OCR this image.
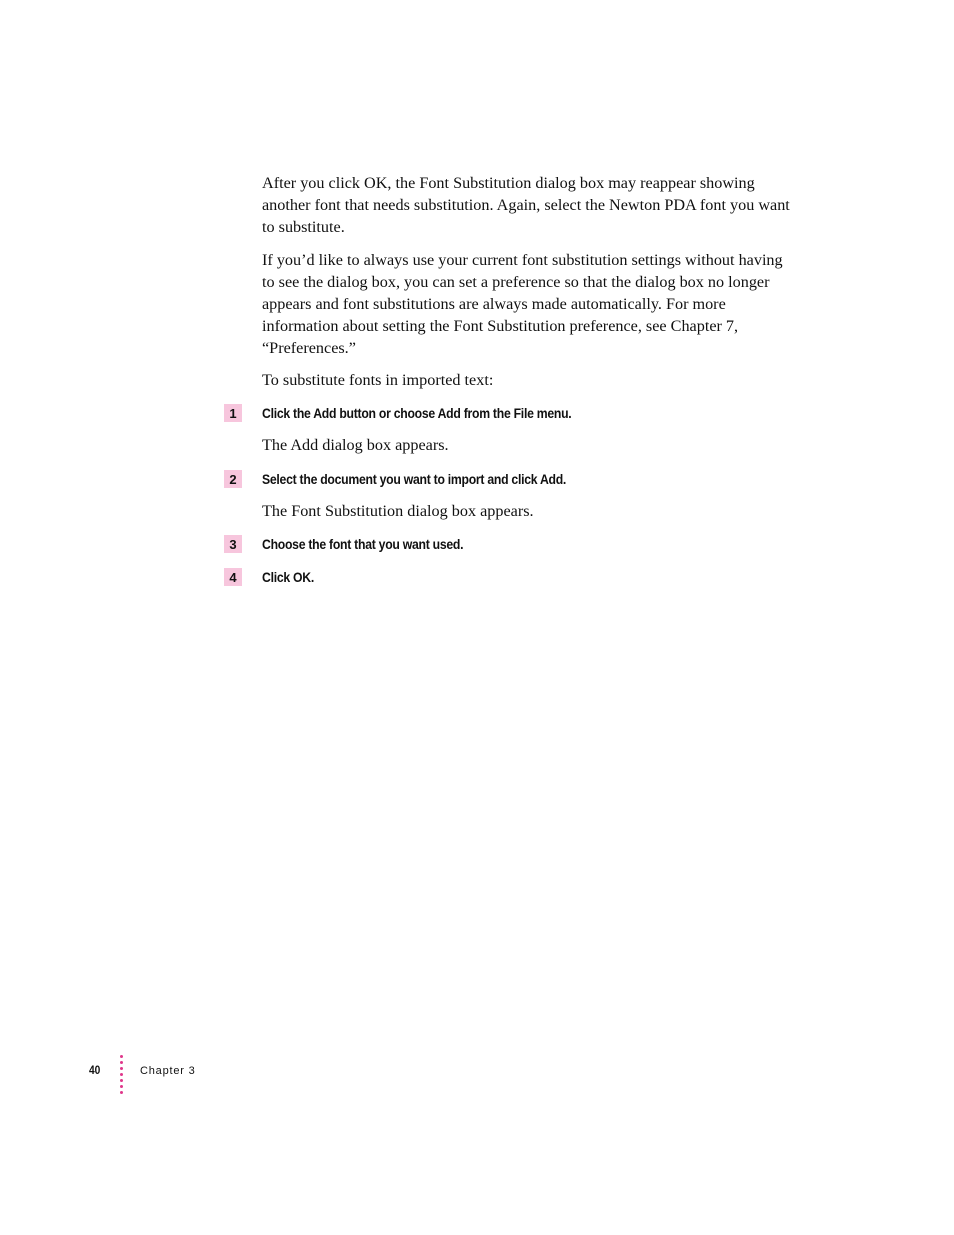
After you click OK, the Font Substitution dialog box may reappear showing another font that needs substitution. Again, select the Newton PDA font you want to substitute.

If you’d like to always use your current font substitution settings without having to see the dialog box, you can set a preference so that the dialog box no longer appears and font substitutions are always made automatically. For more information about setting the Font Substitution preference, see Chapter 7, “Preferences.”

To substitute fonts in imported text:

1	Click the Add button or choose Add from the File menu.

The Add dialog box appears.

2	Select the document you want to import and click Add.

The Font Substitution dialog box appears.

3	Choose the font that you want used.
4	Click OK.
40	Chapter 3
